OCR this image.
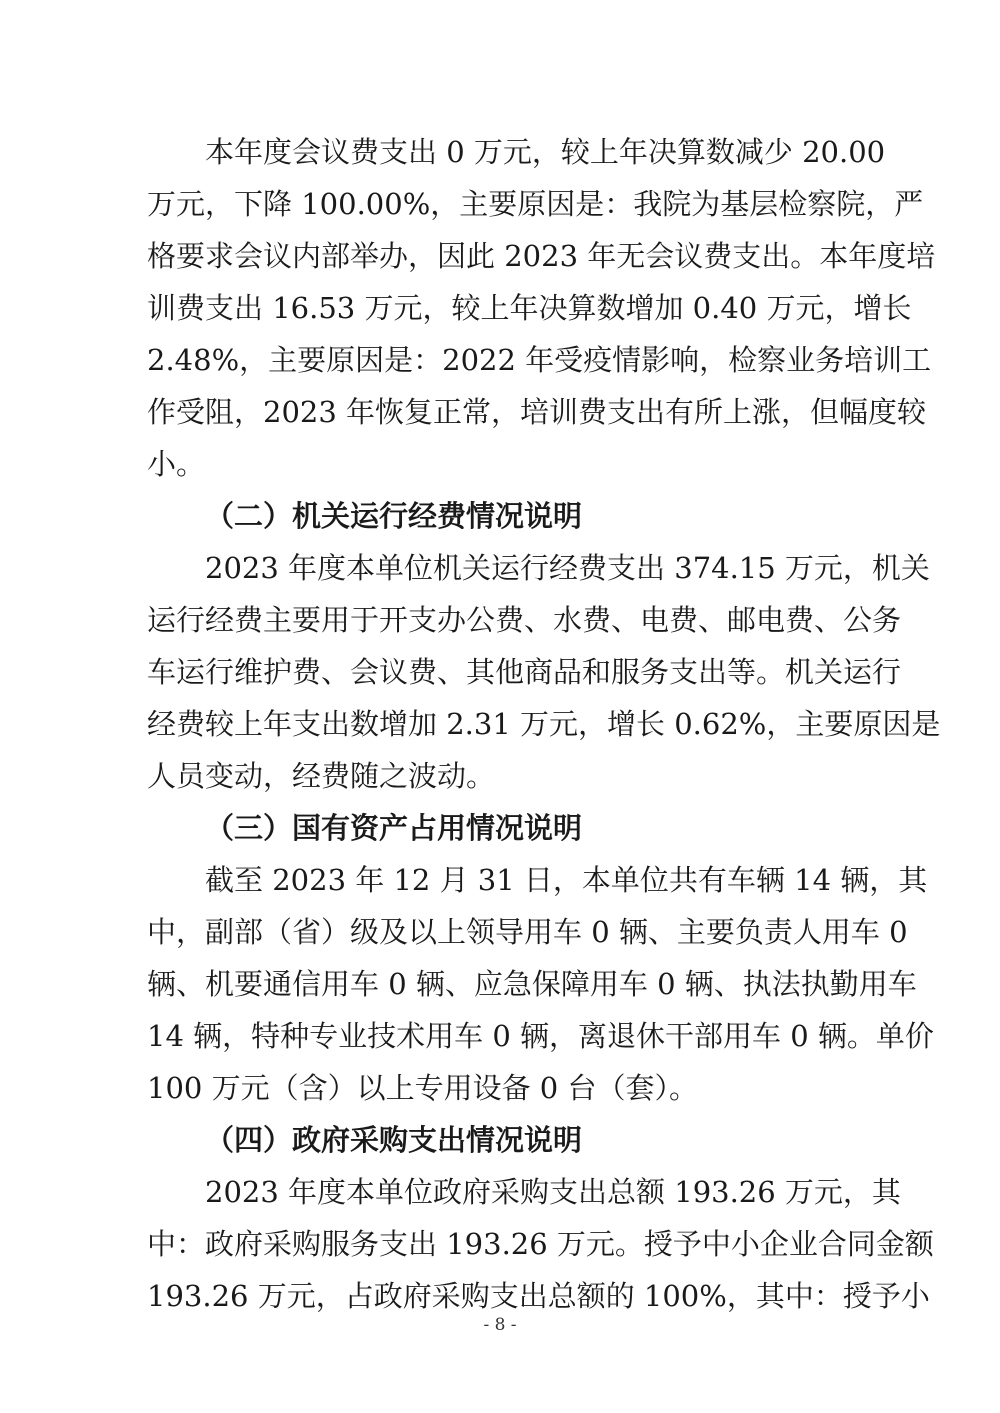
本年度会议费支出 0 万元，较上年决算数减少 20.00
万元，下降 100.00%，主要原因是：我院为基层检察院，严
格要求会议内部举办，因此 2023 年无会议费支出。本年度培
训费支出 16.53 万元，较上年决算数增加 0.40 万元，增长
2.48%，主要原因是：2022 年受疫情影响，检察业务培训工
作受阻，2023 年恢复正常，培训费支出有所上涨，但幅度较
小。
（二）机关运行经费情况说明
2023 年度本单位机关运行经费支出 374.15 万元，机关
运行经费主要用于开支办公费、水费、电费、邮电费、公务
车运行维护费、会议费、其他商品和服务支出等。机关运行
经费较上年支出数增加 2.31 万元，增长 0.62%，主要原因是
人员变动，经费随之波动。
（三）国有资产占用情况说明
截至 2023 年 12 月 31 日，本单位共有车辆 14 辆，其
中，副部（省）级及以上领导用车 0 辆、主要负责人用车 0
辆、机要通信用车 0 辆、应急保障用车 0 辆、执法执勤用车
14 辆，特种专业技术用车 0 辆，离退休干部用车 0 辆。单价
100 万元（含）以上专用设备 0 台（套）。
（四）政府采购支出情况说明
2023 年度本单位政府采购支出总额 193.26 万元，其
中：政府采购服务支出 193.26 万元。授予中小企业合同金额
193.26 万元，占政府采购支出总额的 100%，其中：授予小
- 8 -
